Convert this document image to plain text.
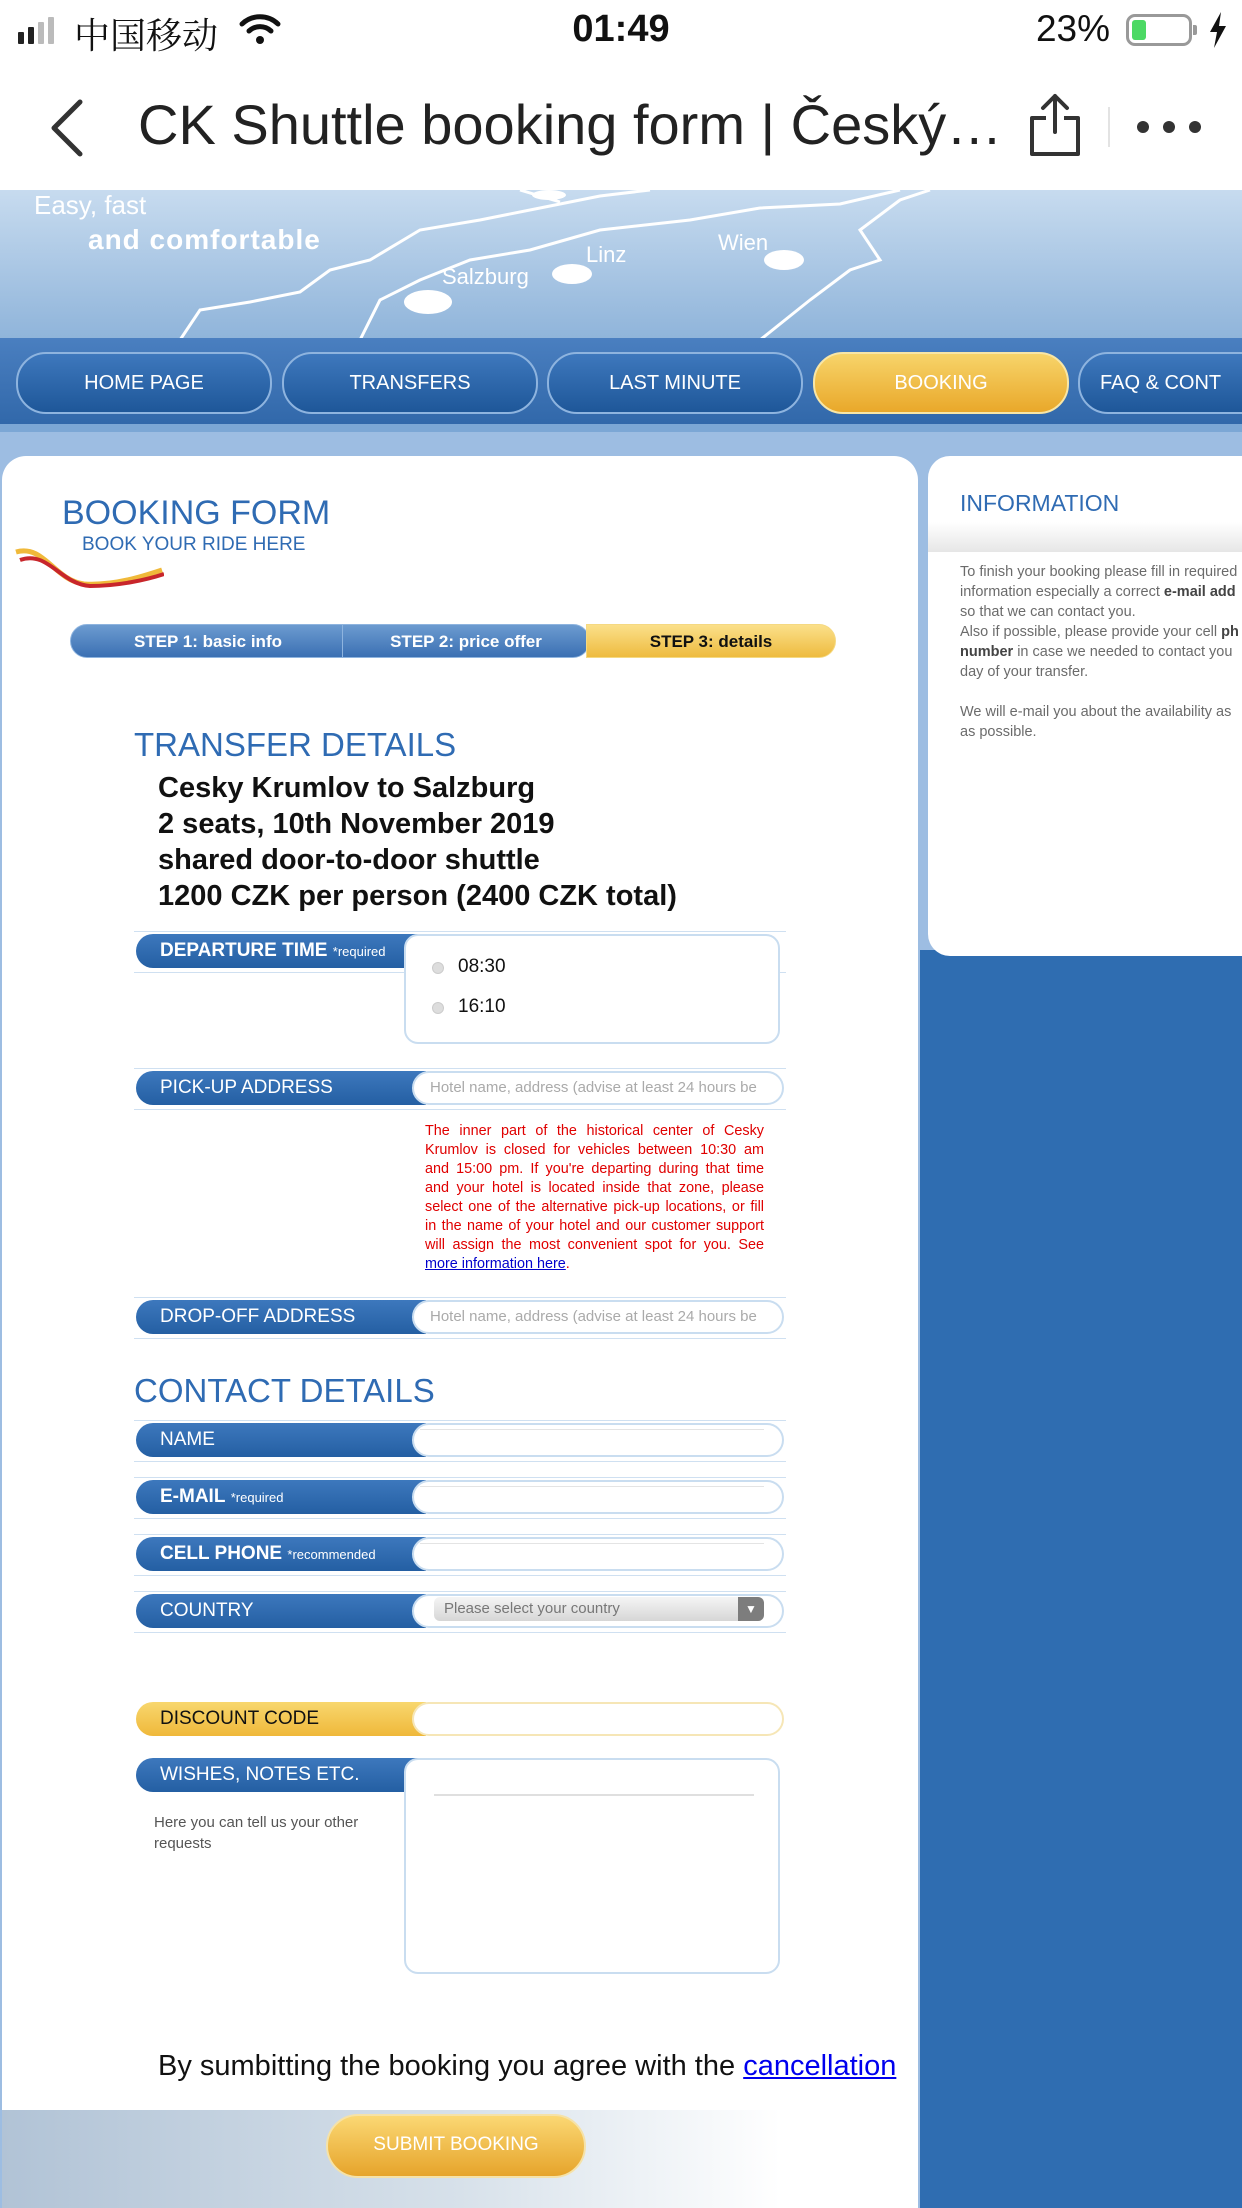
中国移动	01:49	23%
CK Shuttle booking form | Český…
Easy, fast
and comfortable
Salzburg
Linz	Wien
HOME PAGE	TRANSFERS	LAST MINUTE	BOOKING	FAQ & CONT
INFORMATION
To finish your booking please fill in required
information especially a correct e-mail add
so that we can contact you.
Also if possible, please provide your cell ph
number in case we needed to contact you
day of your transfer.
We will e-mail you about the availability as
as possible.
BOOKING FORM
BOOK YOUR RIDE HERE
STEP 1: basic info	STEP 2: price offer	STEP 3: details
TRANSFER DETAILS
Cesky Krumlov to Salzburg
2 seats, 10th November 2019
shared door-to-door shuttle
1200 CZK per person (2400 CZK total)
DEPARTURE TIME *required
08:30
16:10
PICK-UP ADDRESS	Hotel name, address (advise at least 24 hours be
The inner part of the historical center of Cesky Krumlov is closed for vehicles between 10:30 am and 15:00 pm. If you're departing during that time and your hotel is located inside that zone, please select one of the alternative pick-up locations, or fill in the name of your hotel and our customer support will assign the most convenient spot for you. See more information here.
DROP-OFF ADDRESS	Hotel name, address (advise at least 24 hours be
CONTACT DETAILS
NAME
E-MAIL *required
CELL PHONE *recommended
COUNTRY	Please select your country	▼
DISCOUNT CODE
WISHES, NOTES ETC.
Here you can tell us your other requests
By sumbitting the booking you agree with the cancellation
SUBMIT BOOKING
